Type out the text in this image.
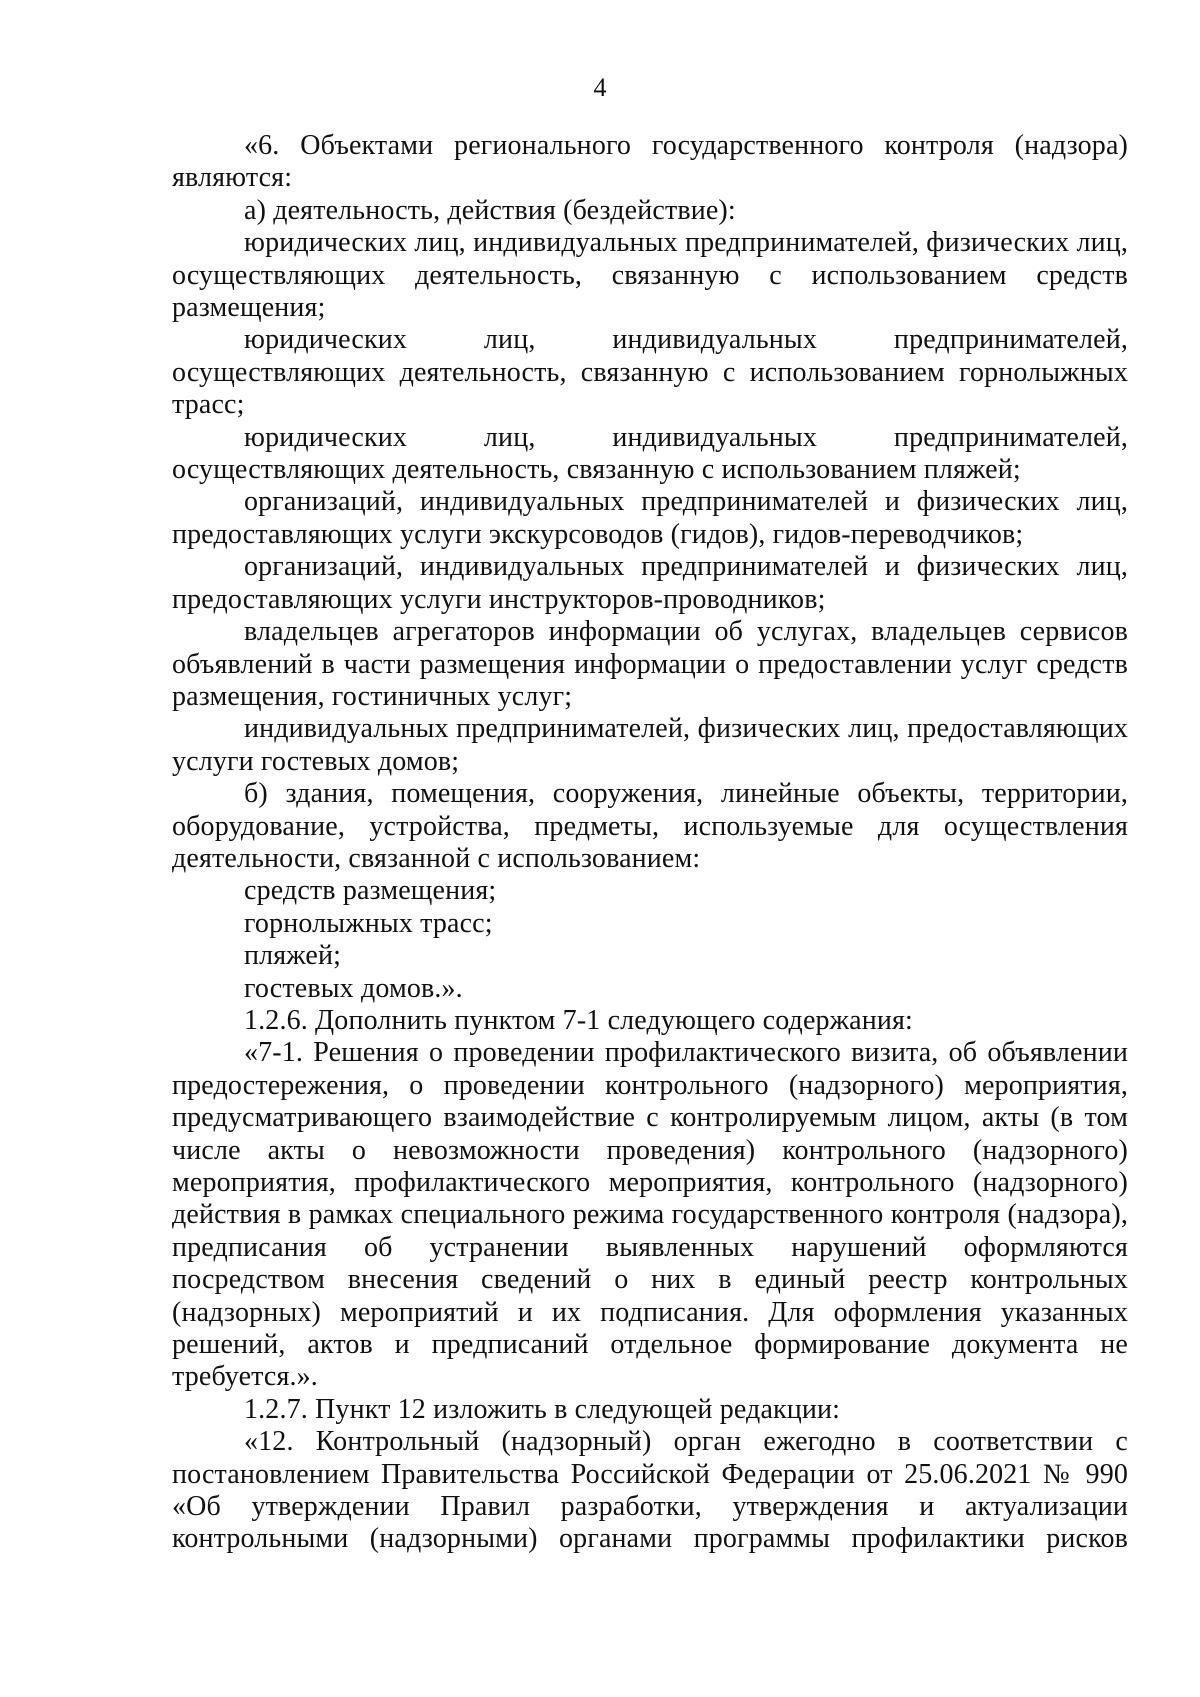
4

«6. Объектами регионального государственного контроля (надзора) являются:

а) деятельность, действия (бездействие):

юридических лиц, индивидуальных предпринимателей, физических лиц, осуществляющих деятельность, связанную с использованием средств размещения;

юридических лиц, индивидуальных предпринимателей, осуществляющих деятельность, связанную с использованием горнолыжных трасс;

юридических лиц, индивидуальных предпринимателей, осуществляющих деятельность, связанную с использованием пляжей;

организаций, индивидуальных предпринимателей и физических лиц, предоставляющих услуги экскурсоводов (гидов), гидов-переводчиков;

организаций, индивидуальных предпринимателей и физических лиц, предоставляющих услуги инструкторов-проводников;

владельцев агрегаторов информации об услугах, владельцев сервисов объявлений в части размещения информации о предоставлении услуг средств размещения, гостиничных услуг;

индивидуальных предпринимателей, физических лиц, предоставляющих услуги гостевых домов;

б) здания, помещения, сооружения, линейные объекты, территории, оборудование, устройства, предметы, используемые для осуществления деятельности, связанной с использованием:

средств размещения;

горнолыжных трасс;

пляжей;

гостевых домов.».

1.2.6. Дополнить пунктом 7-1 следующего содержания:

«7-1. Решения о проведении профилактического визита, об объявлении предостережения, о проведении контрольного (надзорного) мероприятия, предусматривающего взаимодействие с контролируемым лицом, акты (в том числе акты о невозможности проведения) контрольного (надзорного) мероприятия, профилактического мероприятия, контрольного (надзорного) действия в рамках специального режима государственного контроля (надзора), предписания об устранении выявленных нарушений оформляются посредством внесения сведений о них в единый реестр контрольных (надзорных) мероприятий и их подписания. Для оформления указанных решений, актов и предписаний отдельное формирование документа не требуется.».

1.2.7. Пункт 12 изложить в следующей редакции:

«12. Контрольный (надзорный) орган ежегодно в соответствии с постановлением Правительства Российской Федерации от 25.06.2021 № 990 «Об утверждении Правил разработки, утверждения и актуализации контрольными (надзорными) органами программы профилактики рисков
